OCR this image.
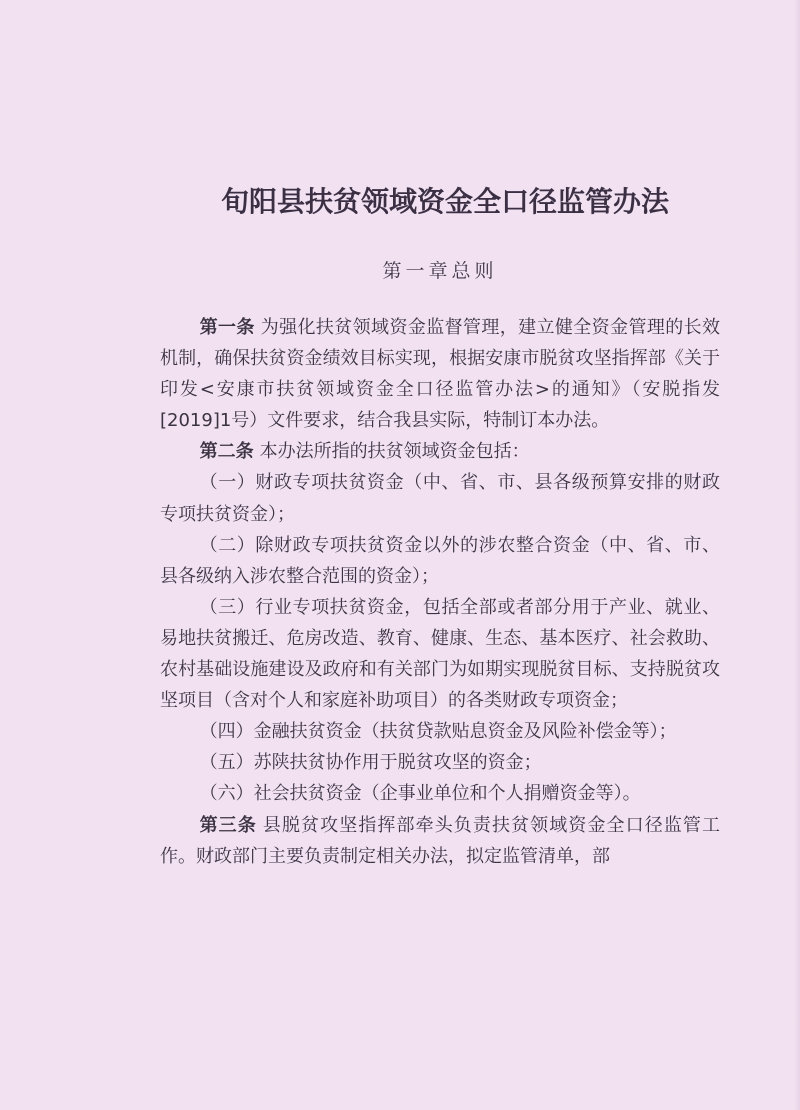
旬阳县扶贫领域资金全口径监管办法
第一章总则

第一条 为强化扶贫领域资金监督管理，建立健全资金管理的长效机制，确保扶贫资金绩效目标实现，根据安康市脱贫攻坚指挥部《关于印发<安康市扶贫领域资金全口径监管办法>的通知》（安脱指发[2019]1号）文件要求，结合我县实际，特制订本办法。

第二条 本办法所指的扶贫领域资金包括：

（一）财政专项扶贫资金（中、省、市、县各级预算安排的财政专项扶贫资金）；

（二）除财政专项扶贫资金以外的涉农整合资金（中、省、市、县各级纳入涉农整合范围的资金）；

（三）行业专项扶贫资金，包括全部或者部分用于产业、就业、易地扶贫搬迁、危房改造、教育、健康、生态、基本医疗、社会救助、农村基础设施建设及政府和有关部门为如期实现脱贫目标、支持脱贫攻坚项目（含对个人和家庭补助项目）的各类财政专项资金；

（四）金融扶贫资金（扶贫贷款贴息资金及风险补偿金等）；

（五）苏陕扶贫协作用于脱贫攻坚的资金；

（六）社会扶贫资金（企事业单位和个人捐赠资金等）。

第三条 县脱贫攻坚指挥部牵头负责扶贫领域资金全口径监管工作。财政部门主要负责制定相关办法，拟定监管清单，部
